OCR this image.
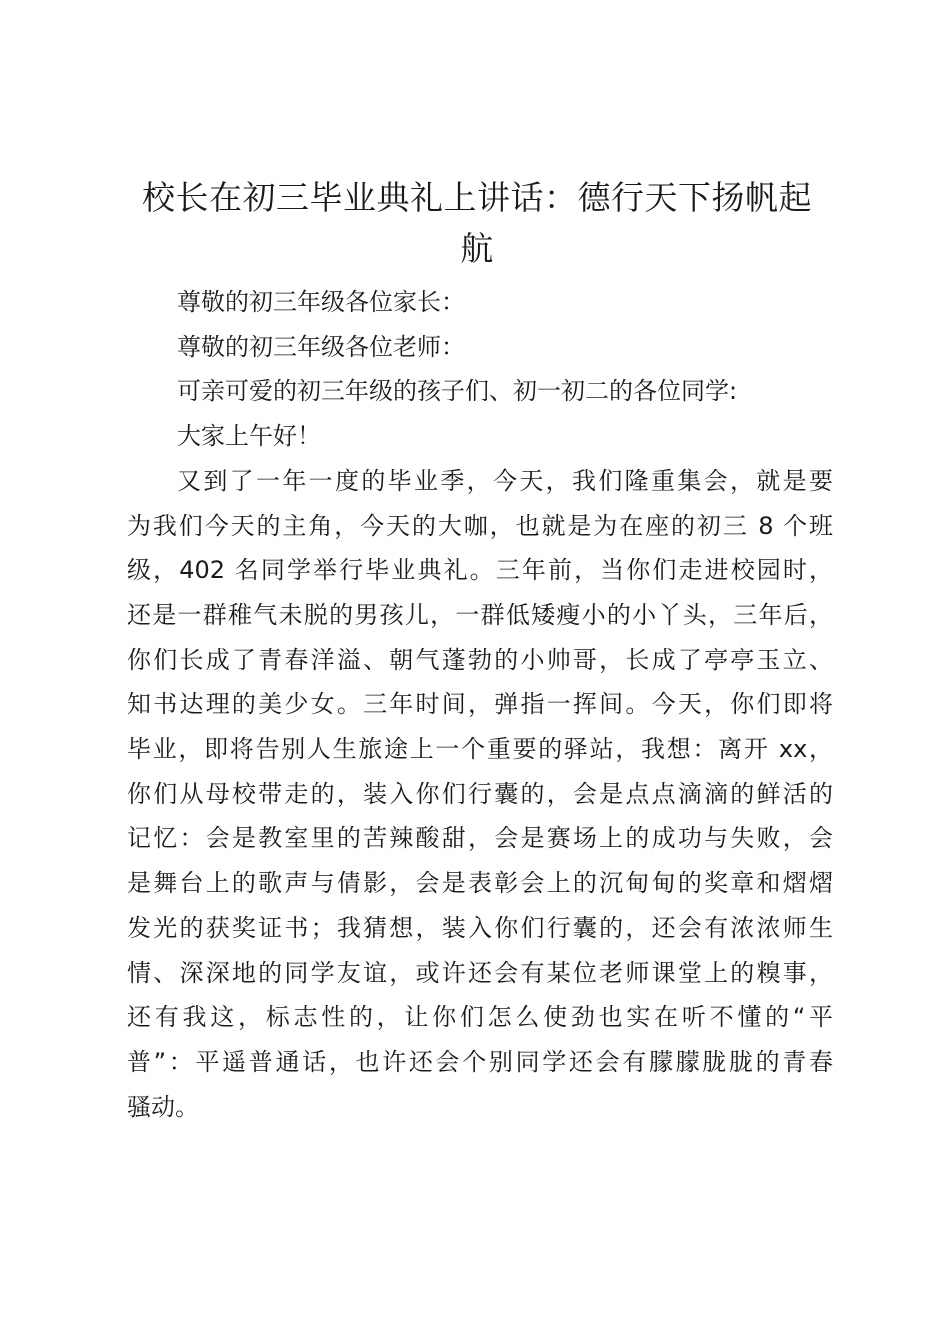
校长在初三毕业典礼上讲话：德行天下扬帆起
航
尊敬的初三年级各位家长：
尊敬的初三年级各位老师：
可亲可爱的初三年级的孩子们、初一初二的各位同学:
大家上午好！
又到了一年一度的毕业季，今天，我们隆重集会，就是要
为我们今天的主角，今天的大咖，也就是为在座的初三 8 个班
级，402 名同学举行毕业典礼。三年前，当你们走进校园时，
还是一群稚气未脱的男孩儿，一群低矮瘦小的小丫头，三年后，
你们长成了青春洋溢、朝气蓬勃的小帅哥，长成了亭亭玉立、
知书达理的美少女。三年时间，弹指一挥间。今天，你们即将
毕业，即将告别人生旅途上一个重要的驿站，我想：离开 xx，
你们从母校带走的，装入你们行囊的，会是点点滴滴的鲜活的
记忆：会是教室里的苦辣酸甜，会是赛场上的成功与失败，会
是舞台上的歌声与倩影，会是表彰会上的沉甸甸的奖章和熠熠
发光的获奖证书；我猜想，装入你们行囊的，还会有浓浓师生
情、深深地的同学友谊，或许还会有某位老师课堂上的糗事，
还有我这，标志性的，让你们怎么使劲也实在听不懂的“平
普”：平遥普通话，也许还会个别同学还会有朦朦胧胧的青春
骚动。
